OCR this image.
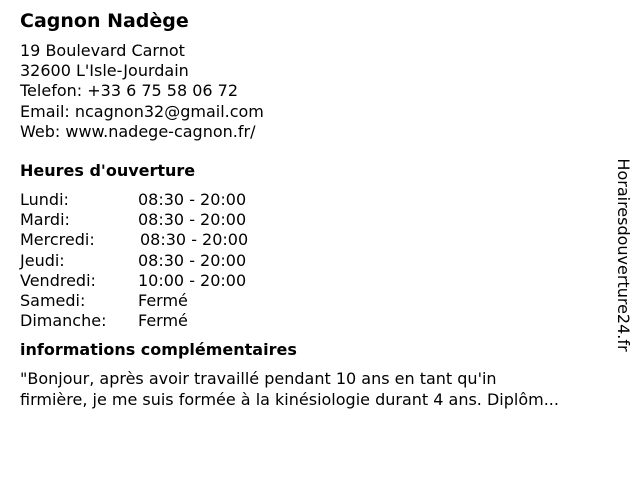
Cagnon Nadège
19 Boulevard Carnot
32600 L'Isle-Jourdain
Telefon: +33 6 75 58 06 72
Email: ncagnon32@gmail.com
Web: www.nadege-cagnon.fr/
Heures d'ouverture
Lundi:	08:30 - 20:00
Mardi:	08:30 - 20:00
Mercredi:	08:30 - 20:00
Jeudi:	08:30 - 20:00
Vendredi:	10:00 - 20:00
Samedi:	Fermé
Dimanche:	Fermé
informations complémentaires
"Bonjour, après avoir travaillé pendant 10 ans en tant qu'in
firmière, je me suis formée à la kinésiologie durant 4 ans. Diplôm...
Horairesdouverture24.fr
